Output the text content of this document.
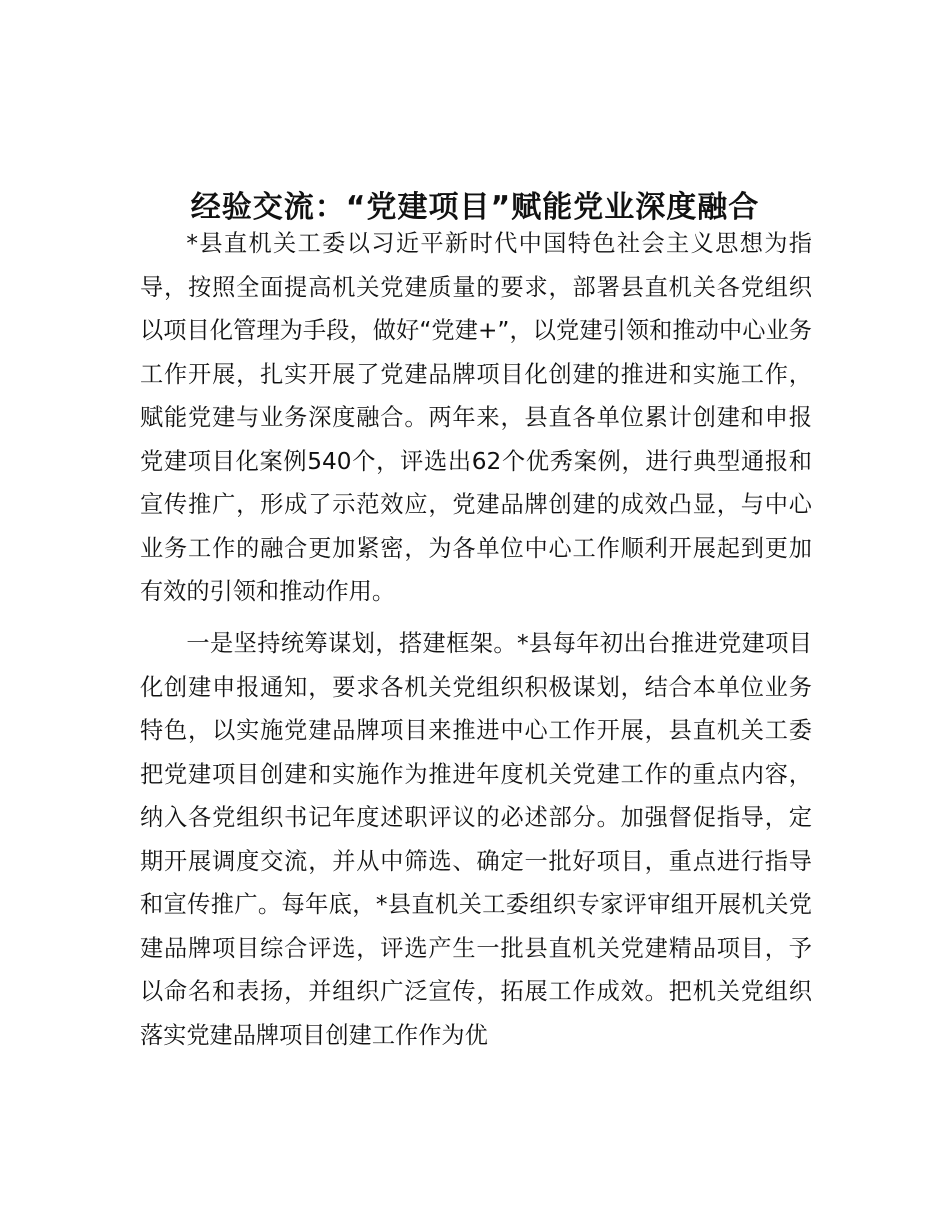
经验交流：“党建项目”赋能党业深度融合

*县直机关工委以习近平新时代中国特色社会主义思想为指导，按照全面提高机关党建质量的要求，部署县直机关各党组织以项目化管理为手段，做好“党建+”，以党建引领和推动中心业务工作开展，扎实开展了党建品牌项目化创建的推进和实施工作，赋能党建与业务深度融合。两年来，县直各单位累计创建和申报党建项目化案例540个，评选出62个优秀案例，进行典型通报和宣传推广，形成了示范效应，党建品牌创建的成效凸显，与中心业务工作的融合更加紧密，为各单位中心工作顺利开展起到更加有效的引领和推动作用。

一是坚持统筹谋划，搭建框架。*县每年初出台推进党建项目化创建申报通知，要求各机关党组织积极谋划，结合本单位业务特色，以实施党建品牌项目来推进中心工作开展，县直机关工委把党建项目创建和实施作为推进年度机关党建工作的重点内容，纳入各党组织书记年度述职评议的必述部分。加强督促指导，定期开展调度交流，并从中筛选、确定一批好项目，重点进行指导和宣传推广。每年底，*县直机关工委组织专家评审组开展机关党建品牌项目综合评选，评选产生一批县直机关党建精品项目，予以命名和表扬，并组织广泛宣传，拓展工作成效。把机关党组织落实党建品牌项目创建工作作为优
